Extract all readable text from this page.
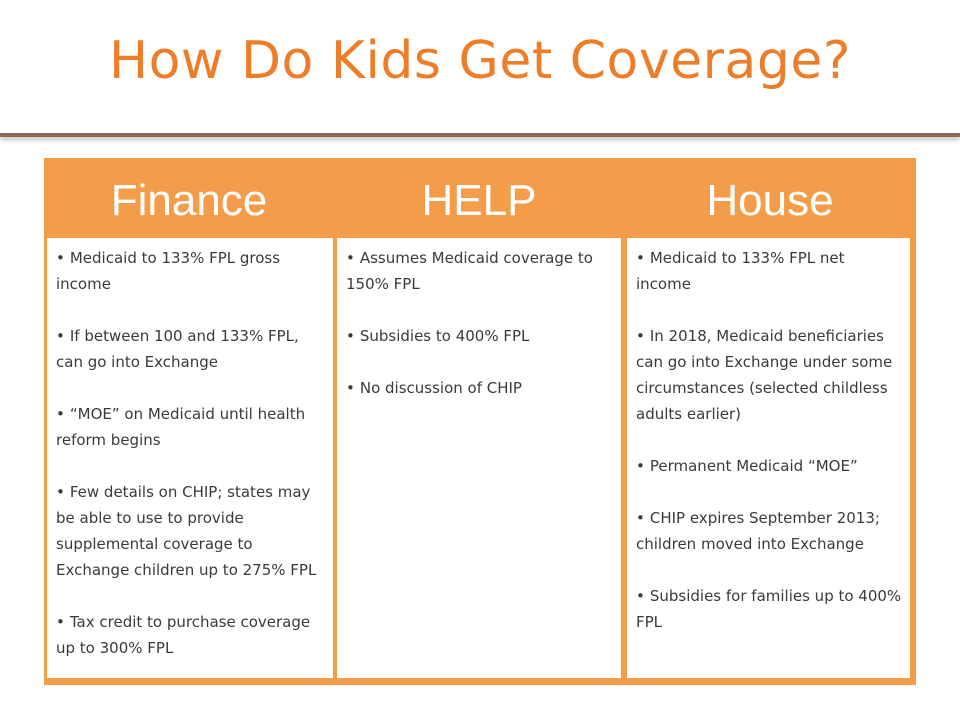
How Do Kids Get Coverage?
Finance	HELP	House
• Medicaid to 133% FPL gross income
• If between 100 and 133% FPL, can go into Exchange
• “MOE” on Medicaid until health reform begins
• Few details on CHIP; states may be able to use to provide supplemental coverage to Exchange children up to 275% FPL
• Tax credit to purchase coverage up to 300% FPL
• Assumes Medicaid coverage to 150% FPL
• Subsidies to 400% FPL
• No discussion of CHIP
• Medicaid to 133% FPL net income
• In 2018, Medicaid beneficiaries can go into Exchange under some circumstances (selected childless adults earlier)
• Permanent Medicaid “MOE”
• CHIP expires September 2013; children moved into Exchange
• Subsidies for families up to 400% FPL
